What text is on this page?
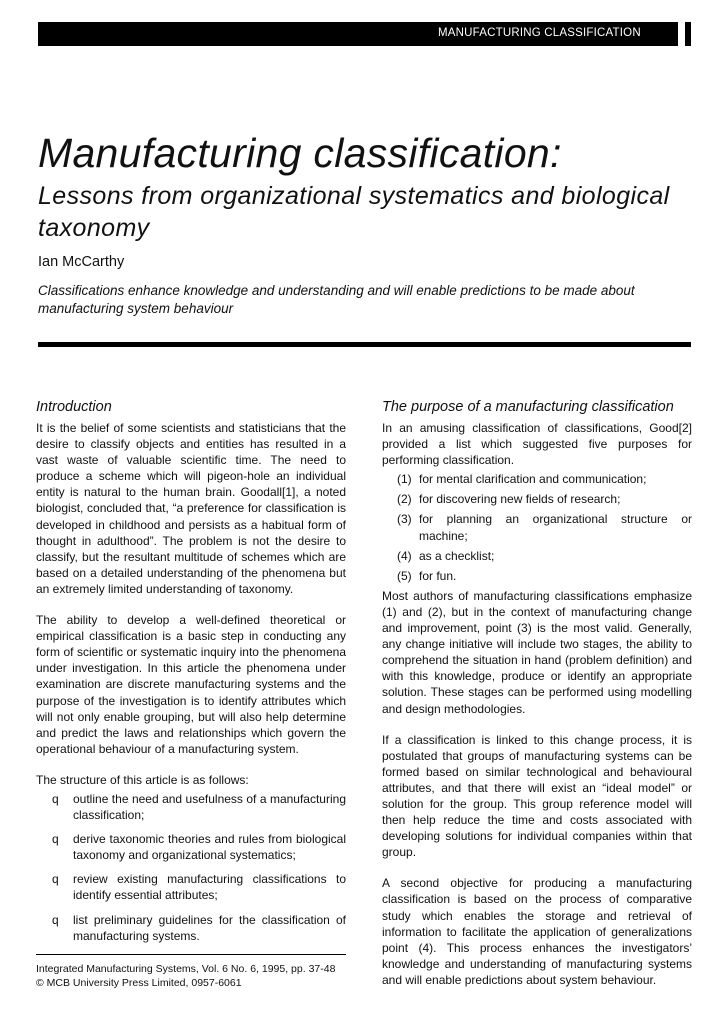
MANUFACTURING CLASSIFICATION	37
Manufacturing classification:
Lessons from organizational systematics and biological taxonomy
Ian McCarthy

Classifications enhance knowledge and understanding and will enable predictions to be made about manufacturing system behaviour

Introduction

It is the belief of some scientists and statisticians that the desire to classify objects and entities has resulted in a vast waste of valuable scientific time. The need to produce a scheme which will pigeon-hole an individual entity is natural to the human brain. Goodall[1], a noted biologist, concluded that, “a preference for classification is developed in childhood and persists as a habitual form of thought in adulthood”. The problem is not the desire to classify, but the resultant multitude of schemes which are based on a detailed understanding of the phenomena but an extremely limited understanding of taxonomy.

The ability to develop a well-defined theoretical or empirical classification is a basic step in conducting any form of scientific or systematic inquiry into the phenomena under investigation. In this article the phenomena under examination are discrete manufacturing systems and the purpose of the investigation is to identify attributes which will not only enable grouping, but will also help determine and predict the laws and relationships which govern the operational behaviour of a manufacturing system.

The structure of this article is as follows:

q outline the need and usefulness of a manufacturing classification;
q derive taxonomic theories and rules from biological taxonomy and organizational systematics;
q review existing manufacturing classifications to identify essential attributes;
q list preliminary guidelines for the classification of manufacturing systems.
Integrated Manufacturing Systems, Vol. 6 No. 6, 1995, pp. 37-48
© MCB University Press Limited, 0957-6061
The purpose of a manufacturing classification

In an amusing classification of classifications, Good[2] provided a list which suggested five purposes for performing classification.

(1) for mental clarification and communication;
(2) for discovering new fields of research;
(3) for planning an organizational structure or machine;
(4) as a checklist;
(5) for fun.

Most authors of manufacturing classifications emphasize (1) and (2), but in the context of manufacturing change and improvement, point (3) is the most valid. Generally, any change initiative will include two stages, the ability to comprehend the situation in hand (problem definition) and with this knowledge, produce or identify an appropriate solution. These stages can be performed using modelling and design methodologies.

If a classification is linked to this change process, it is postulated that groups of manufacturing systems can be formed based on similar technological and behavioural attributes, and that there will exist an “ideal model” or solution for the group. This group reference model will then help reduce the time and costs associated with developing solutions for individual companies within that group.

A second objective for producing a manufacturing classification is based on the process of comparative study which enables the storage and retrieval of information to facilitate the application of generalizations point (4). This process enhances the investigators’ knowledge and understanding of manufacturing systems and will enable predictions about system behaviour.
